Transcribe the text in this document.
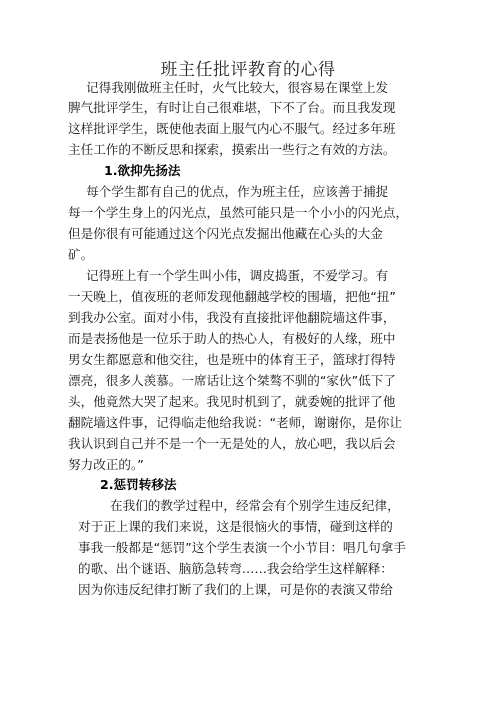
班主任批评教育的心得
记得我刚做班主任时，火气比较大，很容易在课堂上发
脾气批评学生，有时让自己很难堪，下不了台。而且我发现
这样批评学生，既使他表面上服气内心不服气。经过多年班
主任工作的不断反思和探索，摸索出一些行之有效的方法。
1.欲抑先扬法
每个学生都有自己的优点，作为班主任，应该善于捕捉
每一个学生身上的闪光点，虽然可能只是一个小小的闪光点，
但是你很有可能通过这个闪光点发掘出他藏在心头的大金
矿。
记得班上有一个学生叫小伟，调皮捣蛋，不爱学习。有
一天晚上，值夜班的老师发现他翻越学校的围墙，把他“扭”
到我办公室。面对小伟，我没有直接批评他翻院墙这件事，
而是表扬他是一位乐于助人的热心人，有极好的人缘，班中
男女生都愿意和他交往，也是班中的体育王子，篮球打得特
漂亮，很多人羡慕。一席话让这个桀骜不驯的“家伙”低下了
头，他竟然大哭了起来。我见时机到了，就委婉的批评了他
翻院墙这件事，记得临走他给我说：“老师，谢谢你，是你让
我认识到自己并不是一个一无是处的人，放心吧，我以后会
努力改正的。”
2.惩罚转移法
在我们的教学过程中，经常会有个别学生违反纪律，
对于正上课的我们来说，这是很恼火的事情，碰到这样的
事我一般都是“惩罚”这个学生表演一个小节目：唱几句拿手
的歌、出个谜语、脑筋急转弯……我会给学生这样解释：
因为你违反纪律打断了我们的上课，可是你的表演又带给
